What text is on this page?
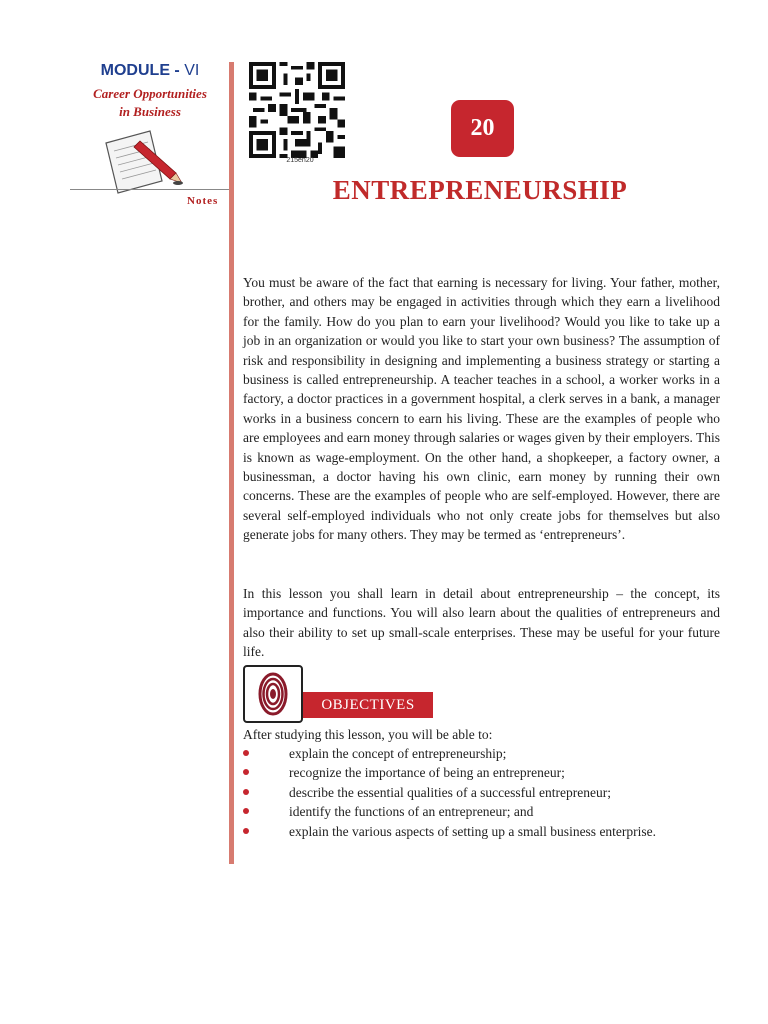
MODULE - VI
Career Opportunities
in Business
Notes
215en20
20
ENTREPRENEURSHIP

You must be aware of the fact that earning is necessary for living. Your father, mother, brother, and others may be engaged in activities through which they earn a livelihood for the family. How do you plan to earn your livelihood? Would you like to take up a job in an organization or would you like to start your own business? The assumption of risk and responsibility in designing and implementing a business strategy or starting a business is called entrepreneurship. A teacher teaches in a school, a worker works in a factory, a doctor practices in a government hospital, a clerk serves in a bank, a manager works in a business concern to earn his living. These are the examples of people who are employees and earn money through salaries or wages given by their employers. This is known as wage-employment. On the other hand, a shopkeeper, a factory owner, a businessman, a doctor having his own clinic, earn money by running their own concerns. These are the examples of people who are self-employed. However, there are several self-employed individuals who not only create jobs for themselves but also generate jobs for many others. They may be termed as ‘entrepreneurs’.

In this lesson you shall learn in detail about entrepreneurship – the concept, its importance and functions. You will also learn about the qualities of entrepreneurs and also their ability to set up small-scale enterprises. These may be useful for your future life.

OBJECTIVES
After studying this lesson, you will be able to:
explain the concept of entrepreneurship;
recognize the importance of being an entrepreneur;
describe the essential qualities of a successful entrepreneur;
identify the functions of an entrepreneur; and
explain the various aspects of setting up a small business enterprise.
